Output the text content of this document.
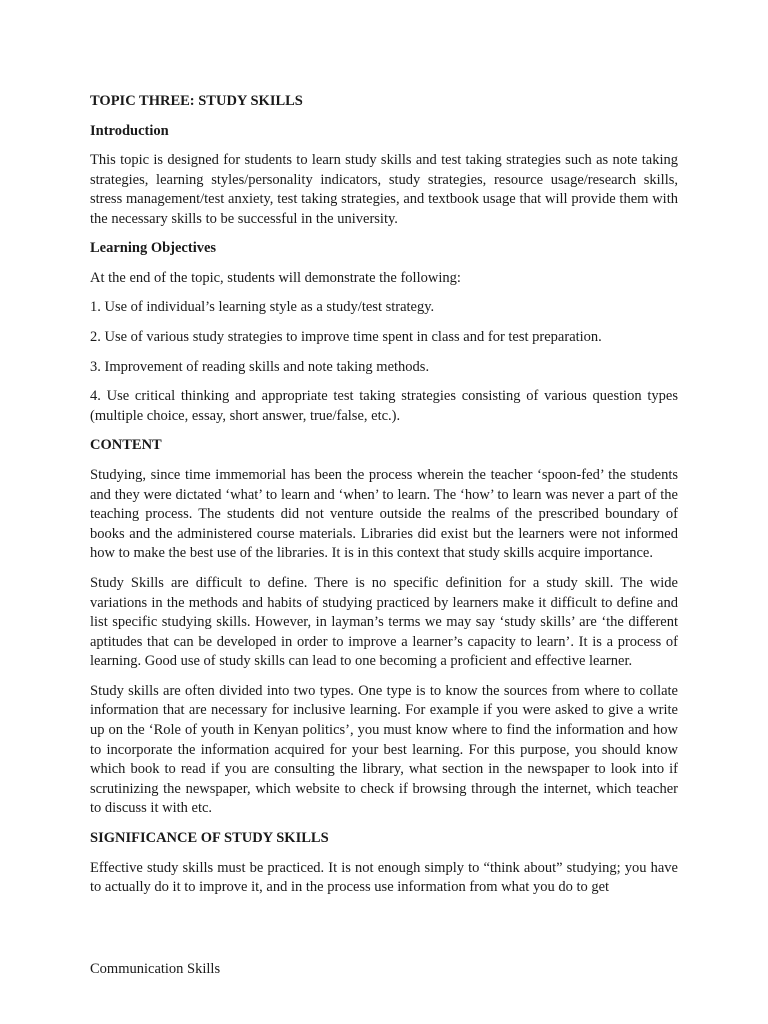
TOPIC THREE: STUDY SKILLS
Introduction
This topic is designed for students to learn study skills and test taking strategies such as note taking strategies, learning styles/personality indicators, study strategies, resource usage/research skills, stress management/test anxiety, test taking strategies, and textbook usage that will provide them with the necessary skills to be successful in the university.
Learning Objectives
At the end of the topic, students will demonstrate the following:
1. Use of individual’s learning style as a study/test strategy.
2. Use of various study strategies to improve time spent in class and for test preparation.
3. Improvement of reading skills and note taking methods.
4. Use critical thinking and appropriate test taking strategies consisting of various question types (multiple choice, essay, short answer, true/false, etc.).
CONTENT
Studying, since time immemorial has been the process wherein the teacher ‘spoon-fed’ the students and they were dictated ‘what’ to learn and ‘when’ to learn. The ‘how’ to learn was never a part of the teaching process. The students did not venture outside the realms of the prescribed boundary of books and the administered course materials. Libraries did exist but the learners were not informed how to make the best use of the libraries. It is in this context that study skills acquire importance.
Study Skills are difficult to define. There is no specific definition for a study skill. The wide variations in the methods and habits of studying practiced by learners make it difficult to define and list specific studying skills. However, in layman’s terms we may say ‘study skills’ are ‘the different aptitudes that can be developed in order to improve a learner’s capacity to learn’. It is a process of learning. Good use of study skills can lead to one becoming a proficient and effective learner.
Study skills are often divided into two types. One type is to know the sources from where to collate information that are necessary for inclusive learning. For example if you were asked to give a write up on the ‘Role of youth in Kenyan politics’, you must know where to find the information and how to incorporate the information acquired for your best learning. For this purpose, you should know which book to read if you are consulting the library, what section in the newspaper to look into if scrutinizing the newspaper, which website to check if browsing through the internet, which teacher to discuss it with etc.
SIGNIFICANCE OF STUDY SKILLS
Effective study skills must be practiced. It is not enough simply to “think about” studying; you have to actually do it to improve it, and in the process use information from what you do to get
Communication Skills
